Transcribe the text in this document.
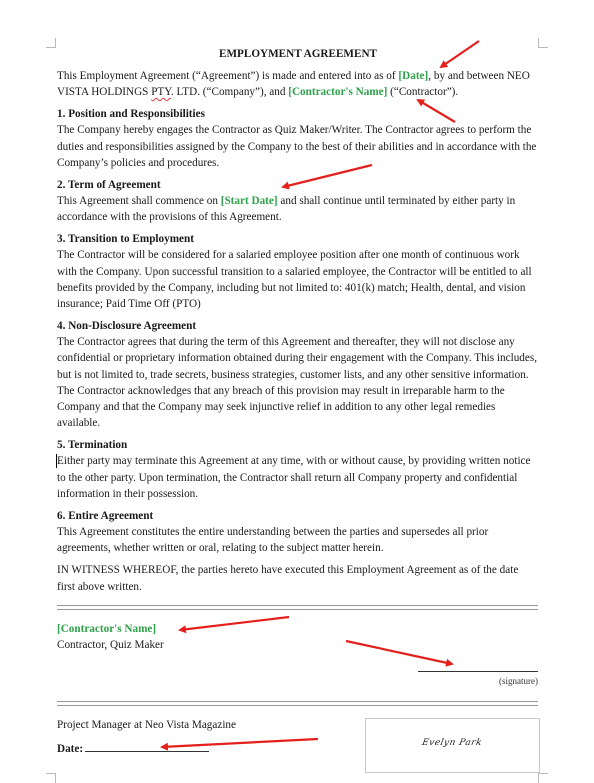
EMPLOYMENT AGREEMENT

This Employment Agreement (“Agreement”) is made and entered into as of [Date], by and between NEO VISTA HOLDINGS PTY. LTD. (“Company”), and [Contractor's Name] (“Contractor”).

1. Position and Responsibilities

The Company hereby engages the Contractor as Quiz Maker/Writer. The Contractor agrees to perform the duties and responsibilities assigned by the Company to the best of their abilities and in accordance with the Company’s policies and procedures.

2. Term of Agreement

This Agreement shall commence on [Start Date] and shall continue until terminated by either party in accordance with the provisions of this Agreement.

3. Transition to Employment

The Contractor will be considered for a salaried employee position after one month of continuous work with the Company. Upon successful transition to a salaried employee, the Contractor will be entitled to all benefits provided by the Company, including but not limited to: 401(k) match; Health, dental, and vision insurance; Paid Time Off (PTO)

4. Non-Disclosure Agreement

The Contractor agrees that during the term of this Agreement and thereafter, they will not disclose any confidential or proprietary information obtained during their engagement with the Company. This includes, but is not limited to, trade secrets, business strategies, customer lists, and any other sensitive information. The Contractor acknowledges that any breach of this provision may result in irreparable harm to the Company and that the Company may seek injunctive relief in addition to any other legal remedies available.

5. Termination

Either party may terminate this Agreement at any time, with or without cause, by providing written notice to the other party. Upon termination, the Contractor shall return all Company property and confidential information in their possession.

6. Entire Agreement

This Agreement constitutes the entire understanding between the parties and supersedes all prior agreements, whether written or oral, relating to the subject matter herein.

IN WITNESS WHEREOF, the parties hereto have executed this Employment Agreement as of the date first above written.

[Contractor's Name]
Contractor, Quiz Maker
(signature)
Project Manager at Neo Vista Magazine
Date:	Evelyn Park
